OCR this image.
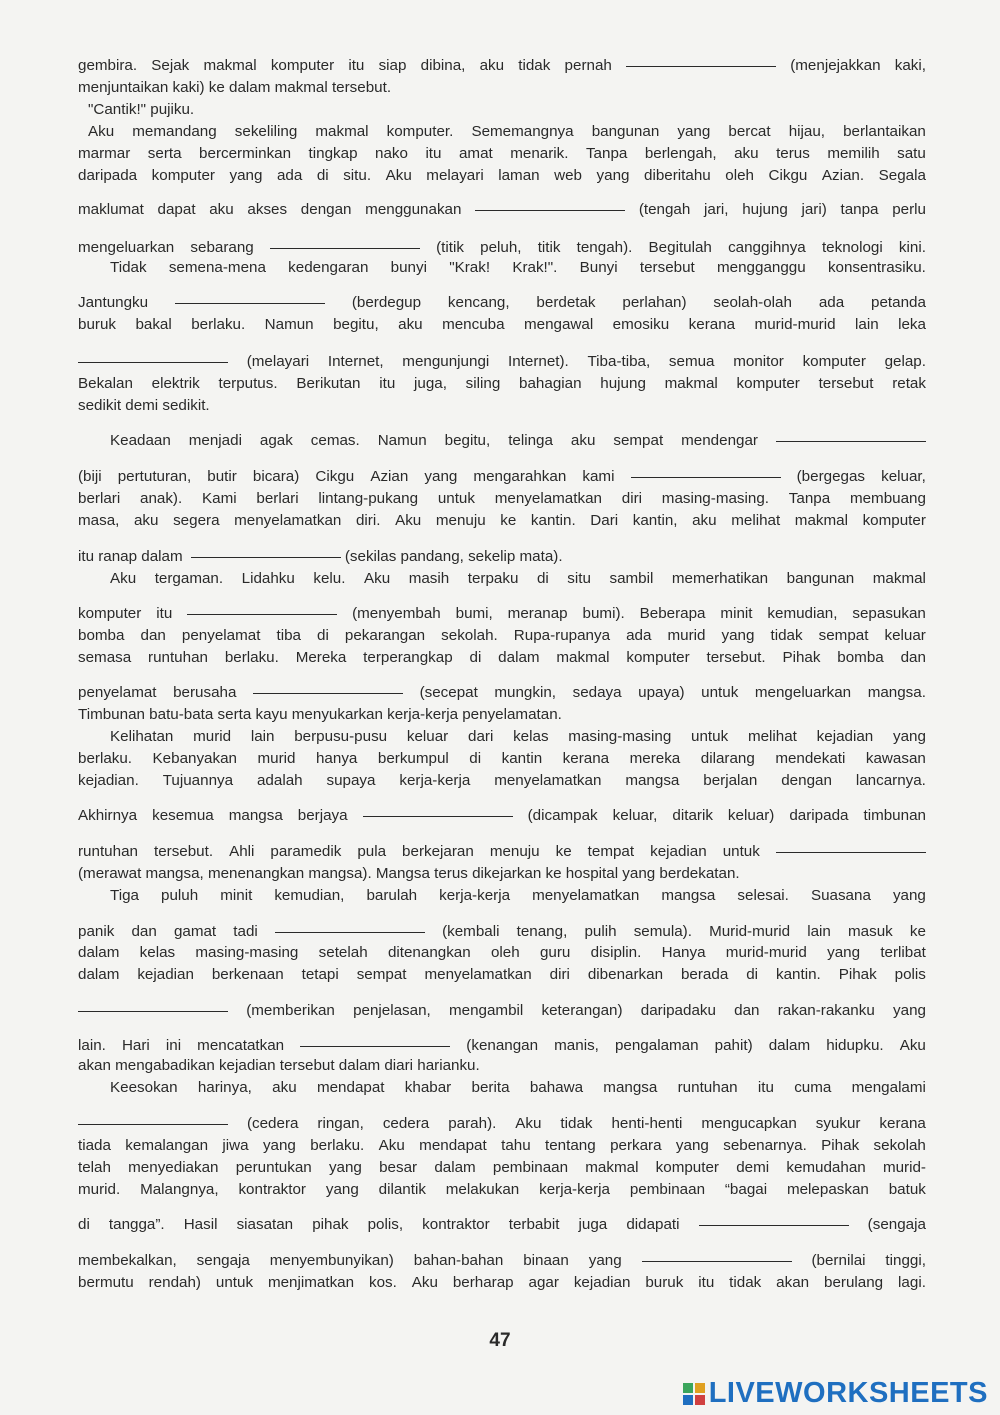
gembira. Sejak makmal komputer itu siap dibina, aku tidak pernah	(menjejakkan kaki,
menjuntaikan kaki) ke dalam makmal tersebut.
"Cantik!" pujiku.
Aku memandang sekeliling makmal komputer. Sememangnya bangunan yang bercat hijau, berlantaikan
marmar serta bercerminkan tingkap nako itu amat menarik. Tanpa berlengah, aku terus memilih satu
daripada komputer yang ada di situ. Aku melayari laman web yang diberitahu oleh Cikgu Azian. Segala
maklumat dapat aku akses dengan menggunakan	(tengah jari, hujung jari) tanpa perlu
mengeluarkan sebarang	(titik peluh, titik tengah). Begitulah canggihnya teknologi kini.
Tidak semena-mena kedengaran bunyi "Krak! Krak!". Bunyi tersebut mengganggu konsentrasiku.
Jantungku	(berdegup kencang, berdetak perlahan) seolah-olah ada petanda
buruk bakal berlaku. Namun begitu, aku mencuba mengawal emosiku kerana murid-murid lain leka
(melayari Internet, mengunjungi Internet). Tiba-tiba, semua monitor komputer gelap.
Bekalan elektrik terputus. Berikutan itu juga, siling bahagian hujung makmal komputer tersebut retak
sedikit demi sedikit.
Keadaan menjadi agak cemas. Namun begitu, telinga aku sempat mendengar
(biji pertuturan, butir bicara) Cikgu Azian yang mengarahkan kami	(bergegas keluar,
berlari anak). Kami berlari lintang-pukang untuk menyelamatkan diri masing-masing. Tanpa membuang
masa, aku segera menyelamatkan diri. Aku menuju ke kantin. Dari kantin, aku melihat makmal komputer
itu ranap dalam	(sekilas pandang, sekelip mata).
Aku tergaman. Lidahku kelu. Aku masih terpaku di situ sambil memerhatikan bangunan makmal
komputer itu	(menyembah bumi, meranap bumi). Beberapa minit kemudian, sepasukan
bomba dan penyelamat tiba di pekarangan sekolah. Rupa-rupanya ada murid yang tidak sempat keluar
semasa runtuhan berlaku. Mereka terperangkap di dalam makmal komputer tersebut. Pihak bomba dan
penyelamat berusaha	(secepat mungkin, sedaya upaya) untuk mengeluarkan mangsa.
Timbunan batu-bata serta kayu menyukarkan kerja-kerja penyelamatan.
Kelihatan murid lain berpusu-pusu keluar dari kelas masing-masing untuk melihat kejadian yang
berlaku. Kebanyakan murid hanya berkumpul di kantin kerana mereka dilarang mendekati kawasan
kejadian. Tujuannya adalah supaya kerja-kerja menyelamatkan mangsa berjalan dengan lancarnya.
Akhirnya kesemua mangsa berjaya	(dicampak keluar, ditarik keluar) daripada timbunan
runtuhan tersebut. Ahli paramedik pula berkejaran menuju ke tempat kejadian untuk
(merawat mangsa, menenangkan mangsa). Mangsa terus dikejarkan ke hospital yang berdekatan.
Tiga puluh minit kemudian, barulah kerja-kerja menyelamatkan mangsa selesai. Suasana yang
panik dan gamat tadi	(kembali tenang, pulih semula). Murid-murid lain masuk ke
dalam kelas masing-masing setelah ditenangkan oleh guru disiplin. Hanya murid-murid yang terlibat
dalam kejadian berkenaan tetapi sempat menyelamatkan diri dibenarkan berada di kantin. Pihak polis
(memberikan penjelasan, mengambil keterangan) daripadaku dan rakan-rakanku yang
lain. Hari ini mencatatkan	(kenangan manis, pengalaman pahit) dalam hidupku. Aku
akan mengabadikan kejadian tersebut dalam diari harianku.
Keesokan harinya, aku mendapat khabar berita bahawa mangsa runtuhan itu cuma mengalami
(cedera ringan, cedera parah). Aku tidak henti-henti mengucapkan syukur kerana
tiada kemalangan jiwa yang berlaku. Aku mendapat tahu tentang perkara yang sebenarnya. Pihak sekolah
telah menyediakan peruntukan yang besar dalam pembinaan makmal komputer demi kemudahan murid-
murid. Malangnya, kontraktor yang dilantik melakukan kerja-kerja pembinaan “bagai melepaskan batuk
di tangga”. Hasil siasatan pihak polis, kontraktor terbabit juga didapati	(sengaja
membekalkan, sengaja menyembunyikan) bahan-bahan binaan yang	(bernilai tinggi,
bermutu rendah) untuk menjimatkan kos. Aku berharap agar kejadian buruk itu tidak akan berulang lagi.
47
LIVEWORKSHEETS
